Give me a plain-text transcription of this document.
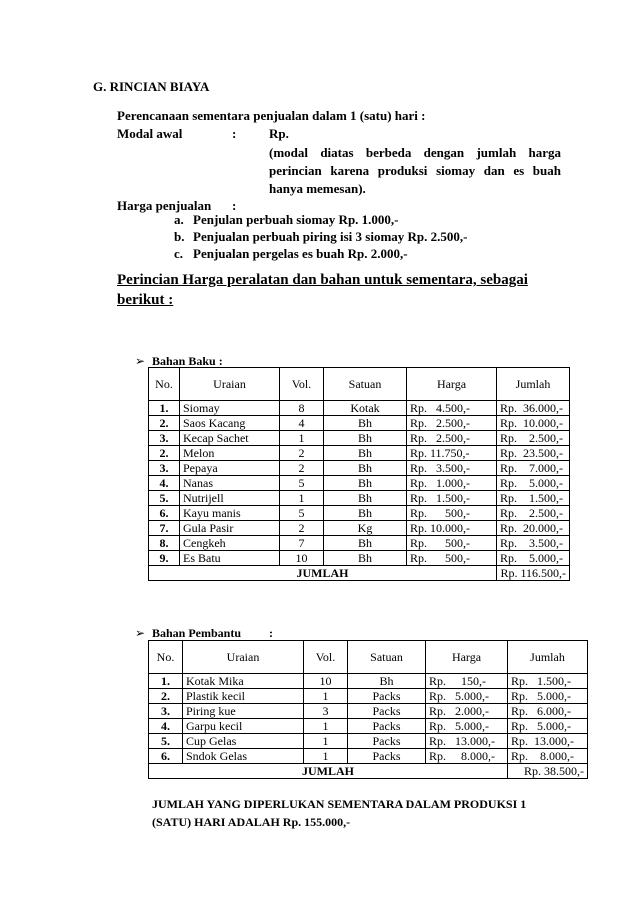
G. RINCIAN BIAYA
Perencanaan sementara penjualan dalam 1 (satu) hari :
Modal awal	:	Rp.
(modal diatas berbeda dengan jumlah harga perincian karena produksi siomay dan es buah hanya memesan).
Harga penjualan :
a. Penjulan perbuah siomay Rp. 1.000,-
b. Penjualan perbuah piring isi 3 siomay Rp. 2.500,-
c. Penjualan pergelas es buah Rp. 2.000,-
Perincian Harga peralatan dan bahan untuk sementara, sebagai
berikut :
➢ Bahan Baku :
No.	Uraian	Vol.	Satuan	Harga	Jumlah
1.	Siomay	8	Kotak	Rp.   4.500,-	Rp.  36.000,-
2.	Saos Kacang	4	Bh	Rp.   2.500,-	Rp.  10.000,-
3.	Kecap Sachet	1	Bh	Rp.   2.500,-	Rp.    2.500,-
2.	Melon	2	Bh	Rp. 11.750,-	Rp.  23.500,-
3.	Pepaya	2	Bh	Rp.   3.500,-	Rp.    7.000,-
4.	Nanas	5	Bh	Rp.   1.000,-	Rp.    5.000,-
5.	Nutrijell	1	Bh	Rp.   1.500,-	Rp.    1.500,-
6.	Kayu manis	5	Bh	Rp.      500,-	Rp.    2.500,-
7.	Gula Pasir	2	Kg	Rp. 10.000,-	Rp.  20.000,-
8.	Cengkeh	7	Bh	Rp.      500,-	Rp.    3.500,-
9.	Es Batu	10	Bh	Rp.      500,-	Rp.    5.000,-
JUMLAH					Rp. 116.500,-
➢ Bahan Pembantu :
No.	Uraian	Vol.	Satuan	Harga	Jumlah
1.	Kotak Mika	10	Bh	Rp.     150,-	Rp.   1.500,-
2.	Plastik kecil	1	Packs	Rp.   5.000,-	Rp.   5.000,-
3.	Piring kue	3	Packs	Rp.   2.000,-	Rp.   6.000,-
4.	Garpu kecil	1	Packs	Rp.   5.000,-	Rp.   5.000,-
5.	Cup Gelas	1	Packs	Rp.   13.000,-	Rp.  13.000,-
6.	Sndok Gelas	1	Packs	Rp.     8.000,-	Rp.    8.000,-
JUMLAH					Rp. 38.500,-
JUMLAH YANG DIPERLUKAN SEMENTARA DALAM PRODUKSI 1
(SATU) HARI ADALAH Rp. 155.000,-
